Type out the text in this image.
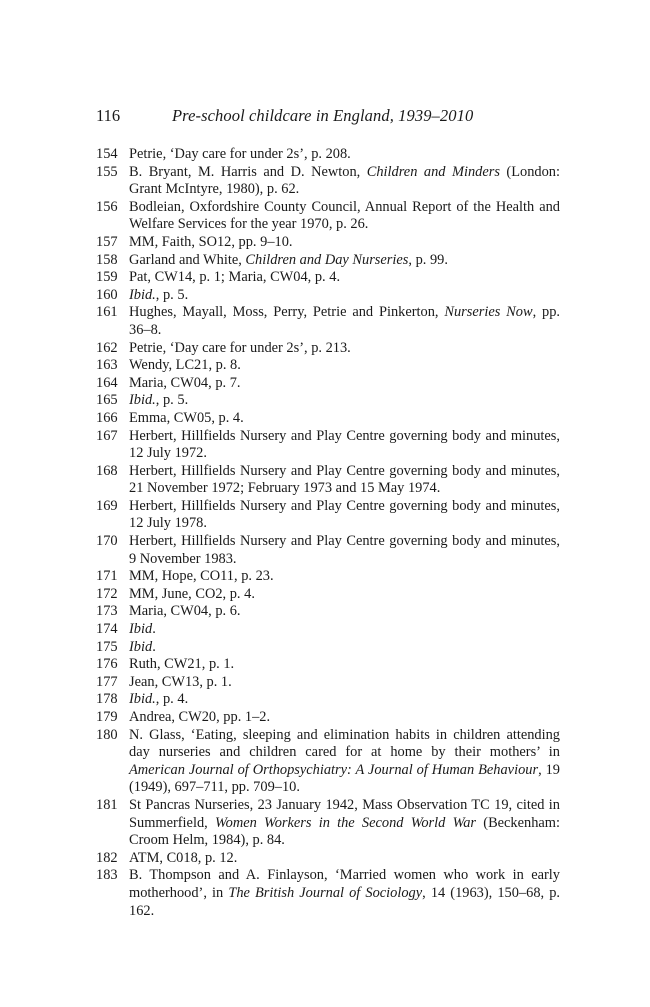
116	Pre-school childcare in England, 1939–2010
154 Petrie, ‘Day care for under 2s’, p. 208.
155 B. Bryant, M. Harris and D. Newton, Children and Minders (London: Grant McIntyre, 1980), p. 62.
156 Bodleian, Oxfordshire County Council, Annual Report of the Health and Welfare Services for the year 1970, p. 26.
157 MM, Faith, SO12, pp. 9–10.
158 Garland and White, Children and Day Nurseries, p. 99.
159 Pat, CW14, p. 1; Maria, CW04, p. 4.
160 Ibid., p. 5.
161 Hughes, Mayall, Moss, Perry, Petrie and Pinkerton, Nurseries Now, pp. 36–8.
162 Petrie, ‘Day care for under 2s’, p. 213.
163 Wendy, LC21, p. 8.
164 Maria, CW04, p. 7.
165 Ibid., p. 5.
166 Emma, CW05, p. 4.
167 Herbert, Hillfields Nursery and Play Centre governing body and minutes, 12 July 1972.
168 Herbert, Hillfields Nursery and Play Centre governing body and minutes, 21 November 1972; February 1973 and 15 May 1974.
169 Herbert, Hillfields Nursery and Play Centre governing body and minutes, 12 July 1978.
170 Herbert, Hillfields Nursery and Play Centre governing body and minutes, 9 November 1983.
171 MM, Hope, CO11, p. 23.
172 MM, June, CO2, p. 4.
173 Maria, CW04, p. 6.
174 Ibid.
175 Ibid.
176 Ruth, CW21, p. 1.
177 Jean, CW13, p. 1.
178 Ibid., p. 4.
179 Andrea, CW20, pp. 1–2.
180 N. Glass, ‘Eating, sleeping and elimination habits in children attending day nurseries and children cared for at home by their mothers’ in American Journal of Orthopsychiatry: A Journal of Human Behaviour, 19 (1949), 697–711, pp. 709–10.
181 St Pancras Nurseries, 23 January 1942, Mass Observation TC 19, cited in Summerfield, Women Workers in the Second World War (Beckenham: Croom Helm, 1984), p. 84.
182 ATM, C018, p. 12.
183 B. Thompson and A. Finlayson, ‘Married women who work in early motherhood’, in The British Journal of Sociology, 14 (1963), 150–68, p. 162.
